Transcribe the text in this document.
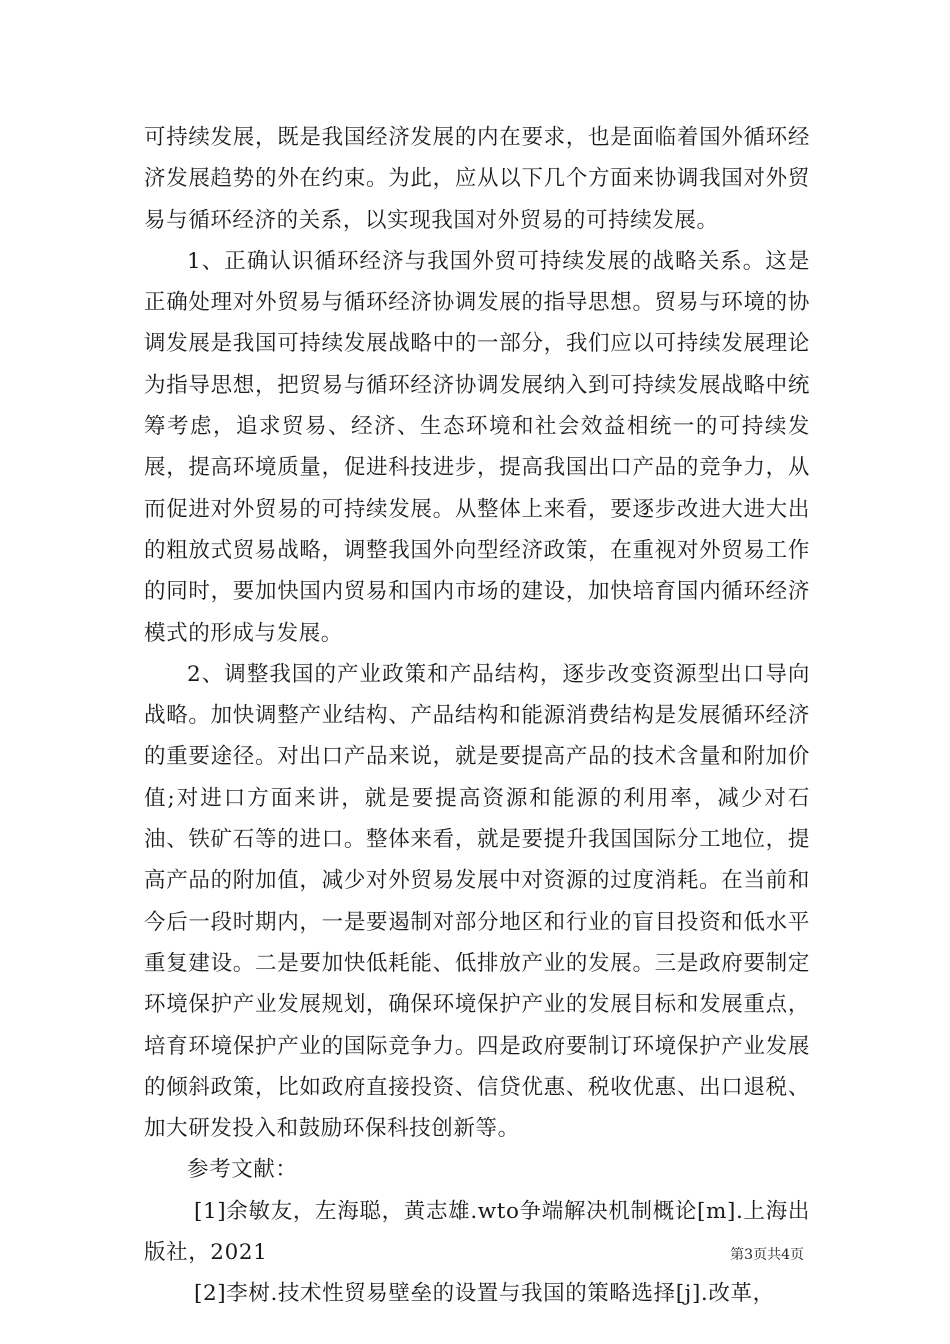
可持续发展，既是我国经济发展的内在要求，也是面临着国外循环经济发展趋势的外在约束。为此，应从以下几个方面来协调我国对外贸易与循环经济的关系，以实现我国对外贸易的可持续发展。

1、正确认识循环经济与我国外贸可持续发展的战略关系。这是正确处理对外贸易与循环经济协调发展的指导思想。贸易与环境的协调发展是我国可持续发展战略中的一部分，我们应以可持续发展理论为指导思想，把贸易与循环经济协调发展纳入到可持续发展战略中统筹考虑，追求贸易、经济、生态环境和社会效益相统一的可持续发展，提高环境质量，促进科技进步，提高我国出口产品的竞争力，从而促进对外贸易的可持续发展。从整体上来看，要逐步改进大进大出的粗放式贸易战略，调整我国外向型经济政策，在重视对外贸易工作的同时，要加快国内贸易和国内市场的建设，加快培育国内循环经济模式的形成与发展。

2、调整我国的产业政策和产品结构，逐步改变资源型出口导向战略。加快调整产业结构、产品结构和能源消费结构是发展循环经济的重要途径。对出口产品来说，就是要提高产品的技术含量和附加价值;对进口方面来讲，就是要提高资源和能源的利用率，减少对石油、铁矿石等的进口。整体来看，就是要提升我国国际分工地位，提高产品的附加值，减少对外贸易发展中对资源的过度消耗。在当前和今后一段时期内，一是要遏制对部分地区和行业的盲目投资和低水平重复建设。二是要加快低耗能、低排放产业的发展。三是政府要制定环境保护产业发展规划，确保环境保护产业的发展目标和发展重点，培育环境保护产业的国际竞争力。四是政府要制订环境保护产业发展的倾斜政策，比如政府直接投资、信贷优惠、税收优惠、出口退税、加大研发投入和鼓励环保科技创新等。

参考文献：

[1]余敏友，左海聪，黄志雄.wto争端解决机制概论[m].上海出版社，2021

[2]李树.技术性贸易壁垒的设置与我国的策略选择[j].改革，

第3页共4页
